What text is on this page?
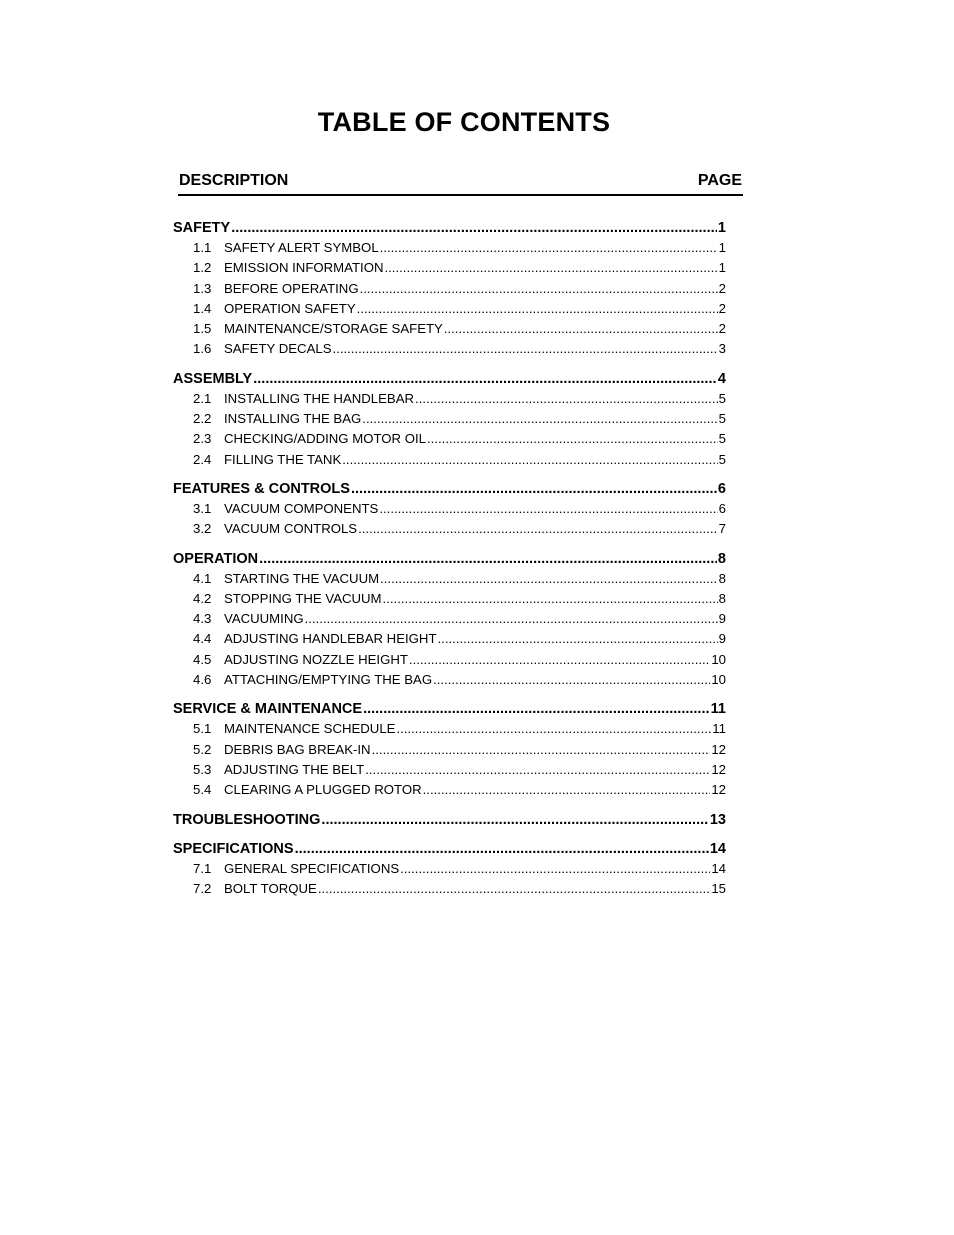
TABLE OF CONTENTS
DESCRIPTION	PAGE
SAFETY .....	1
1.1 SAFETY ALERT SYMBOL .....	1
1.2 EMISSION INFORMATION .....	1
1.3 BEFORE OPERATING .....	2
1.4 OPERATION SAFETY .....	2
1.5 MAINTENANCE/STORAGE SAFETY .....	2
1.6 SAFETY DECALS .....	3
ASSEMBLY .....	4
2.1 INSTALLING THE HANDLEBAR .....	5
2.2 INSTALLING THE BAG .....	5
2.3 CHECKING/ADDING MOTOR OIL .....	5
2.4 FILLING THE TANK .....	5
FEATURES & CONTROLS .....	6
3.1 VACUUM COMPONENTS .....	6
3.2 VACUUM CONTROLS .....	7
OPERATION .....	8
4.1 STARTING THE VACUUM .....	8
4.2 STOPPING THE VACUUM .....	8
4.3 VACUUMING .....	9
4.4 ADJUSTING HANDLEBAR HEIGHT .....	9
4.5 ADJUSTING NOZZLE HEIGHT .....	10
4.6 ATTACHING/EMPTYING THE BAG .....	10
SERVICE & MAINTENANCE .....	11
5.1 MAINTENANCE SCHEDULE .....	11
5.2 DEBRIS BAG BREAK-IN .....	12
5.3 ADJUSTING THE BELT .....	12
5.4 CLEARING A PLUGGED ROTOR .....	12
TROUBLESHOOTING .....	13
SPECIFICATIONS .....	14
7.1 GENERAL SPECIFICATIONS .....	14
7.2 BOLT TORQUE .....	15
